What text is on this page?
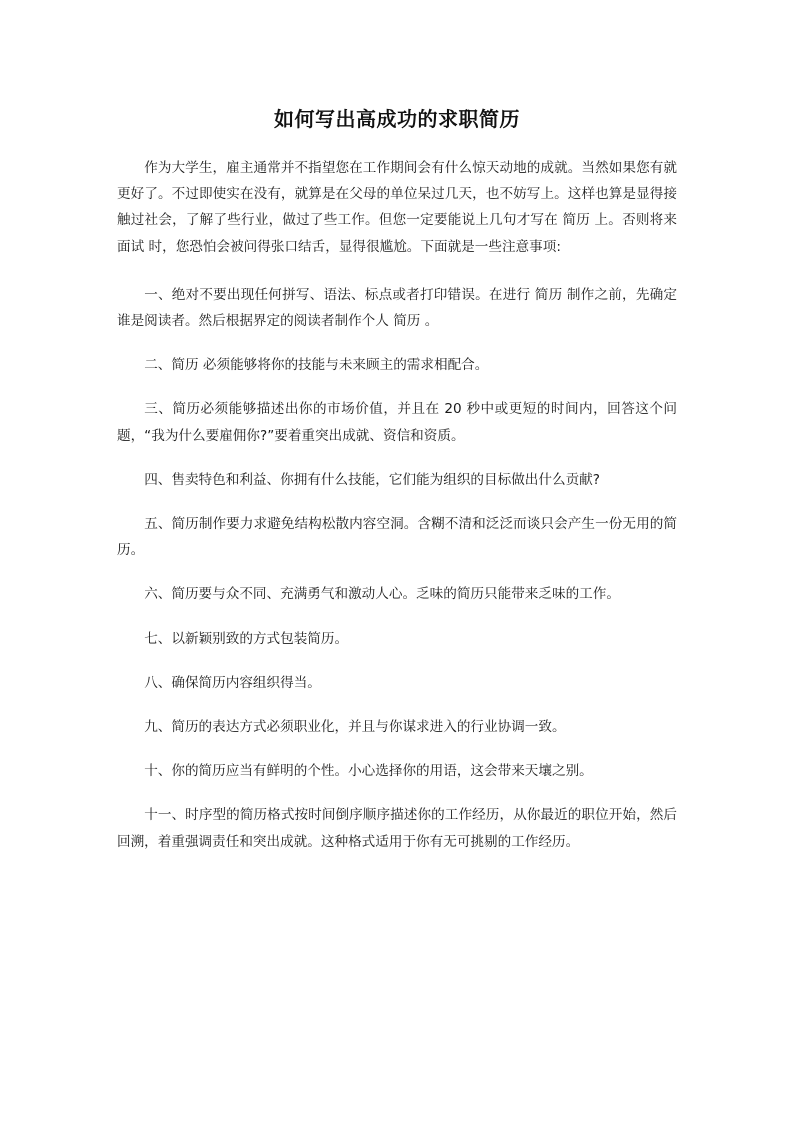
如何写出高成功的求职简历

作为大学生，雇主通常并不指望您在工作期间会有什么惊天动地的成就。当然如果您有就更好了。不过即使实在没有，就算是在父母的单位呆过几天，也不妨写上。这样也算是显得接触过社会，了解了些行业，做过了些工作。但您一定要能说上几句才写在 简历 上。否则将来 面试 时，您恐怕会被问得张口结舌，显得很尴尬。下面就是一些注意事项:

一、绝对不要出现任何拼写、语法、标点或者打印错误。在进行 简历 制作之前，先确定谁是阅读者。然后根据界定的阅读者制作个人 简历 。

二、简历 必须能够将你的技能与未来顾主的需求相配合。

三、简历必须能够描述出你的市场价值，并且在 20 秒中或更短的时间内，回答这个问题，“我为什么要雇佣你?”要着重突出成就、资信和资质。

四、售卖特色和利益、你拥有什么技能，它们能为组织的目标做出什么贡献?

五、简历制作要力求避免结构松散内容空洞。含糊不清和泛泛而谈只会产生一份无用的简历。

六、简历要与众不同、充满勇气和激动人心。乏味的简历只能带来乏味的工作。

七、以新颖别致的方式包装简历。

八、确保简历内容组织得当。

九、简历的表达方式必须职业化，并且与你谋求进入的行业协调一致。

十、你的简历应当有鲜明的个性。小心选择你的用语，这会带来天壤之别。

十一、时序型的简历格式按时间倒序顺序描述你的工作经历，从你最近的职位开始，然后回溯，着重强调责任和突出成就。这种格式适用于你有无可挑剔的工作经历。
